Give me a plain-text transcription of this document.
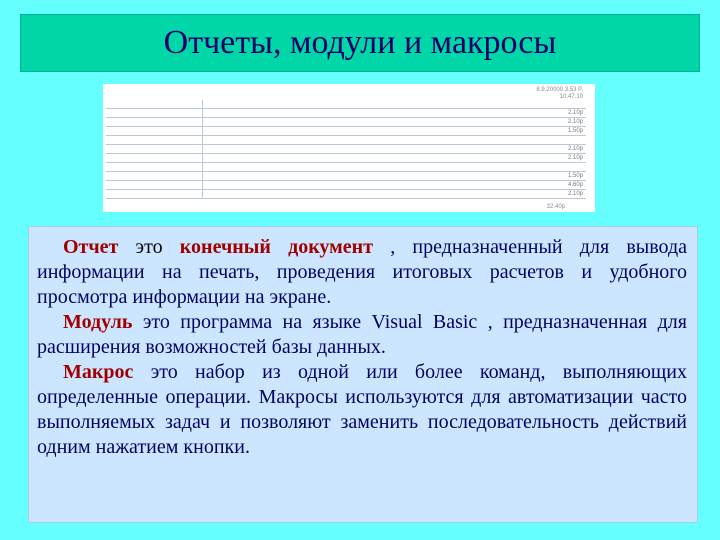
Отчеты, модули и макросы
8.9.20000 3.53 P.
10.47.10

					2.10р
					2.10р
					1.50р

					2.10р
					2.10р

					1.50р
					4.60р
					2.10р
32.40р

Отчет это конечный документ , предназначенный для вывода информации на печать, проведения итоговых расчетов и удобного просмотра информации на экране.

Модуль это программа на языке Visual Basic , предназначенная для расширения возможностей базы данных.

Макрос это набор из одной или более команд, выполняющих определенные операции. Макросы используются для автоматизации часто выполняемых задач и позволяют заменить последовательность действий одним нажатием кнопки.
